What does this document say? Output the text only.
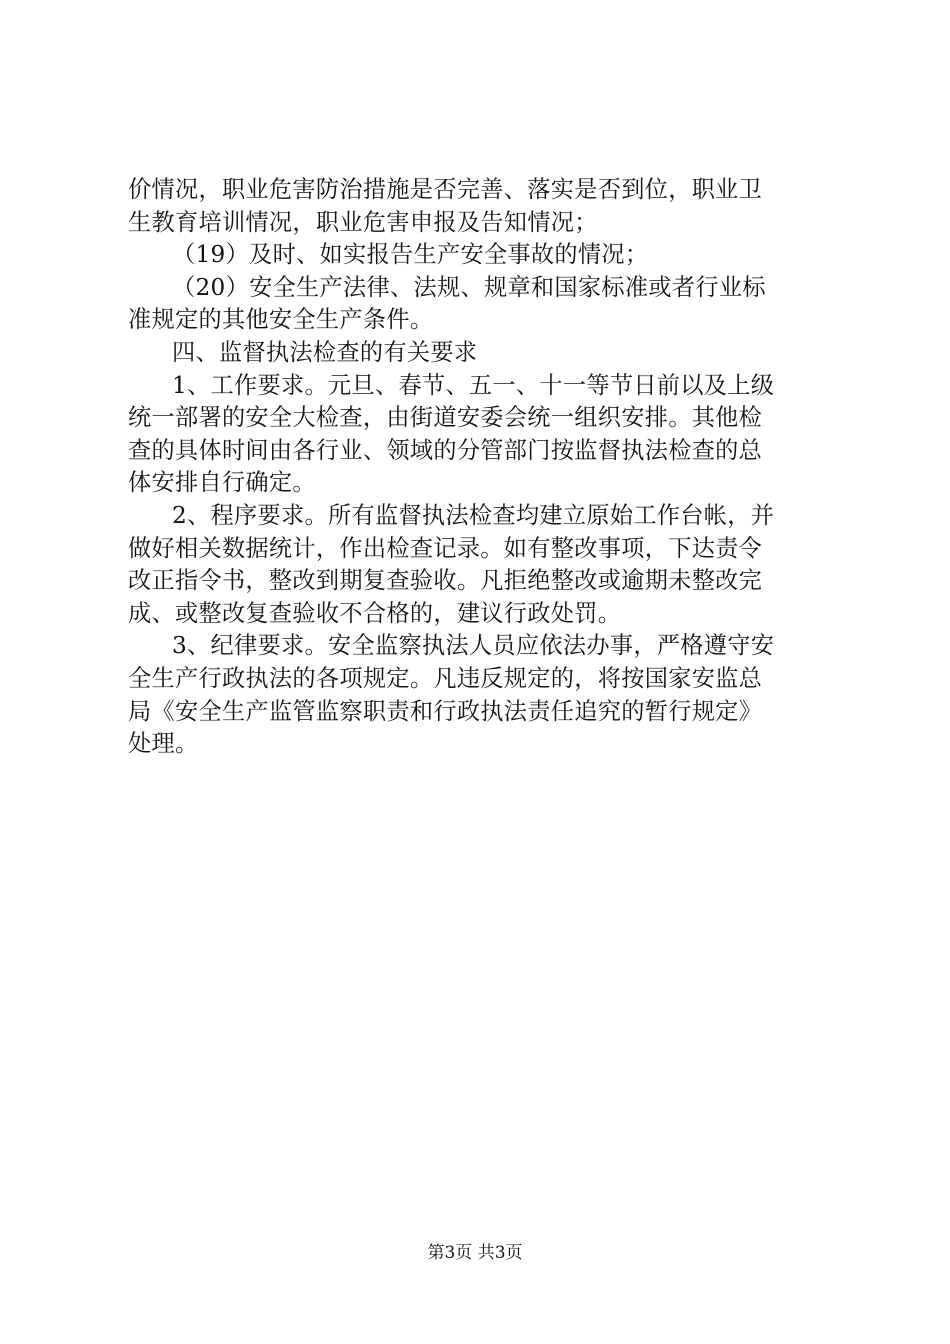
价情况，职业危害防治措施是否完善、落实是否到位，职业卫
生教育培训情况，职业危害申报及告知情况；
（19）及时、如实报告生产安全事故的情况；
（20）安全生产法律、法规、规章和国家标准或者行业标
准规定的其他安全生产条件。
四、监督执法检查的有关要求
1、工作要求。元旦、春节、五一、十一等节日前以及上级
统一部署的安全大检查，由街道安委会统一组织安排。其他检
查的具体时间由各行业、领域的分管部门按监督执法检查的总
体安排自行确定。
2、程序要求。所有监督执法检查均建立原始工作台帐，并
做好相关数据统计，作出检查记录。如有整改事项，下达责令
改正指令书，整改到期复查验收。凡拒绝整改或逾期未整改完
成、或整改复查验收不合格的，建议行政处罚。
3、纪律要求。安全监察执法人员应依法办事，严格遵守安
全生产行政执法的各项规定。凡违反规定的，将按国家安监总
局《安全生产监管监察职责和行政执法责任追究的暂行规定》
处理。
第3页 共3页
